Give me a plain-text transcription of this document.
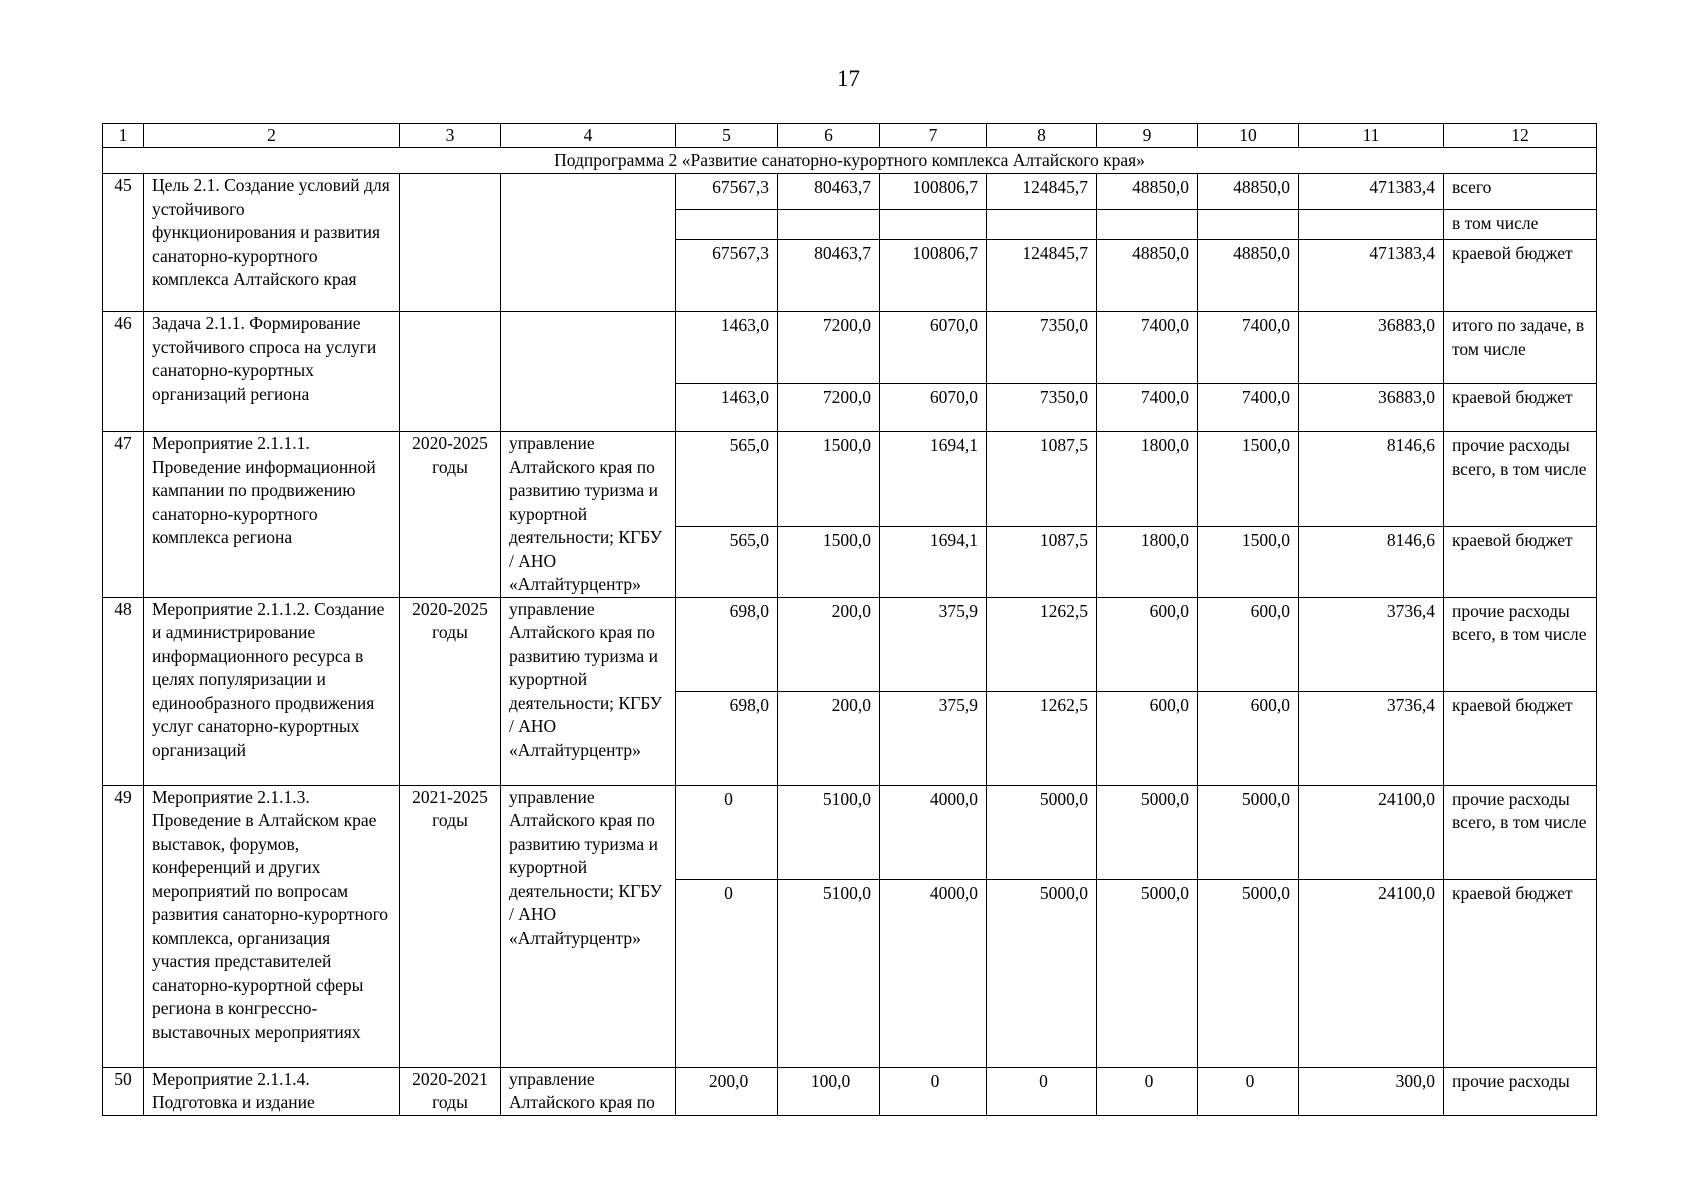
17
1	2	3	4	5	6	7	8	9	10	11	12
Подпрограмма 2 «Развитие санаторно-курортного комплекса Алтайского края»											
45	Цель 2.1. Создание условий для устойчивого функционирования и развития санаторно-курортного комплекса Алтайского края			67567,3	80463,7	100806,7	124845,7	48850,0	48850,0	471383,4	всего
											в том числе
				67567,3	80463,7	100806,7	124845,7	48850,0	48850,0	471383,4	краевой бюджет
46	Задача 2.1.1. Формирование устойчивого спроса на услуги санаторно-курортных организаций региона			1463,0	7200,0	6070,0	7350,0	7400,0	7400,0	36883,0	итого по задаче, в том числе
				1463,0	7200,0	6070,0	7350,0	7400,0	7400,0	36883,0	краевой бюджет
47	Мероприятие 2.1.1.1. Проведение информационной кампании по продвижению санаторно-курортного комплекса региона	2020-2025 годы	управление Алтайского края по развитию туризма и курортной деятельности; КГБУ / АНО «Алтайтурцентр»	565,0	1500,0	1694,1	1087,5	1800,0	1500,0	8146,6	прочие расходы всего, в том числе
				565,0	1500,0	1694,1	1087,5	1800,0	1500,0	8146,6	краевой бюджет
48	Мероприятие 2.1.1.2. Создание и администрирование информационного ресурса в целях популяризации и единообразного продвижения услуг санаторно-курортных организаций	2020-2025 годы	управление Алтайского края по развитию туризма и курортной деятельности; КГБУ / АНО «Алтайтурцентр»	698,0	200,0	375,9	1262,5	600,0	600,0	3736,4	прочие расходы всего, в том числе
				698,0	200,0	375,9	1262,5	600,0	600,0	3736,4	краевой бюджет
49	Мероприятие 2.1.1.3. Проведение в Алтайском крае выставок, форумов, конференций и других мероприятий по вопросам развития санаторно-курортного комплекса, организация участия представителей санаторно-курортной сферы региона в конгрессно-выставочных мероприятиях	2021-2025 годы	управление Алтайского края по развитию туризма и курортной деятельности; КГБУ / АНО «Алтайтурцентр»	0	5100,0	4000,0	5000,0	5000,0	5000,0	24100,0	прочие расходы всего, в том числе
				0	5100,0	4000,0	5000,0	5000,0	5000,0	24100,0	краевой бюджет
50	Мероприятие 2.1.1.4. Подготовка и издание	2020-2021 годы	управление Алтайского края по	200,0	100,0	0	0	0	0	300,0	прочие расходы
